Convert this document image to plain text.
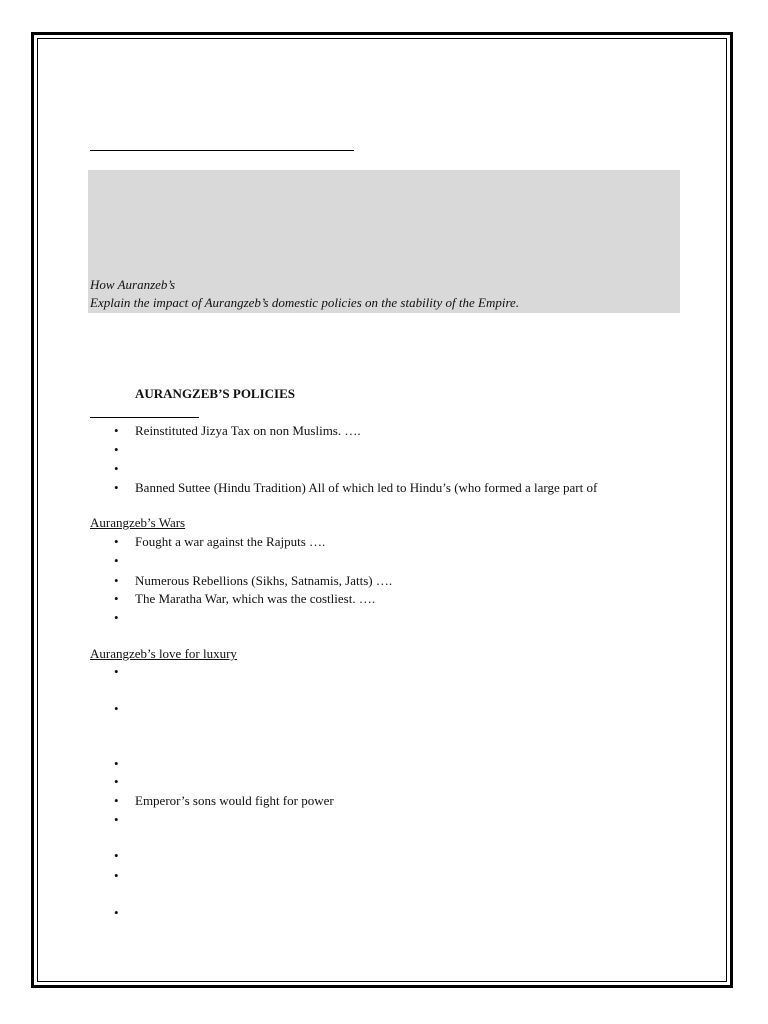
How Auranzeb’s
Explain the impact of Aurangzeb’s domestic policies on the stability of the Empire.
AURANGZEB’S POLICIES
• Reinstituted Jizya Tax on non Muslims. ….
•
•
• Banned Suttee (Hindu Tradition) All of which led to Hindu’s (who formed a large part of
Aurangzeb’s Wars
• Fought a war against the Rajputs ….
•
• Numerous Rebellions (Sikhs, Satnamis, Jatts) ….
• The Maratha War, which was the costliest. ….
•
Aurangzeb’s love for luxury
•
•
•
•
• Emperor’s sons would fight for power
•
•
•
•
